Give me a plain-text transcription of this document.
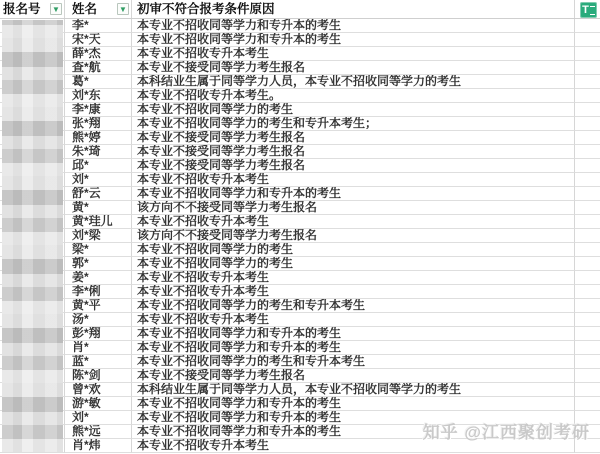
报名号 ▼ 姓名	▼ 初审不符合报考条件原因
李*	本专业不招收同等学力和专升本的考生
宋*天	本专业不招收同等学力和专升本的考生
薛*杰	本专业不招收专升本考生
查*航	本专业不接受同等学力考生报名
葛*	本科结业生属于同等学力人员，本专业不招收同等学力的考生
刘*东	本专业不招收专升本考生。
李*康	本专业不招收同等学力的考生
张*翔	本专业不招收同等学力的考生和专升本考生；
熊*婷	本专业不接受同等学力考生报名
朱*琦	本专业不接受同等学力考生报名
邱*	本专业不接受同等学力考生报名
刘*	本专业不招收专升本考生
舒*云	本专业不招收同等学力和专升本的考生
黄*	该方向不不接受同等学力考生报名
黄*珪儿	本专业不招收专升本考生
刘*梁	该方向不不接受同等学力考生报名
梁*	本专业不招收同等学力的考生
郭*	本专业不招收同等学力的考生
姜*	本专业不招收专升本考生
李*俐	本专业不招收专升本考生
黄*平	本专业不招收同等学力的考生和专升本考生
汤*	本专业不招收专升本考生
彭*翔	本专业不招收同等学力和专升本的考生
肖*	本专业不招收同等学力和专升本的考生
蓝*	本专业不招收同等学力的考生和专升本考生
陈*剑	本专业不接受同等学力考生报名
曾*欢	本科结业生属于同等学力人员，本专业不招收同等学力的考生
游*敏	本专业不招收同等学力和专升本的考生
刘*	本专业不招收同等学力和专升本的考生
熊*远	本专业不招收同等学力和专升本的考生
肖*炜	本专业不招收专升本考生
T
知乎 @江西聚创考研
